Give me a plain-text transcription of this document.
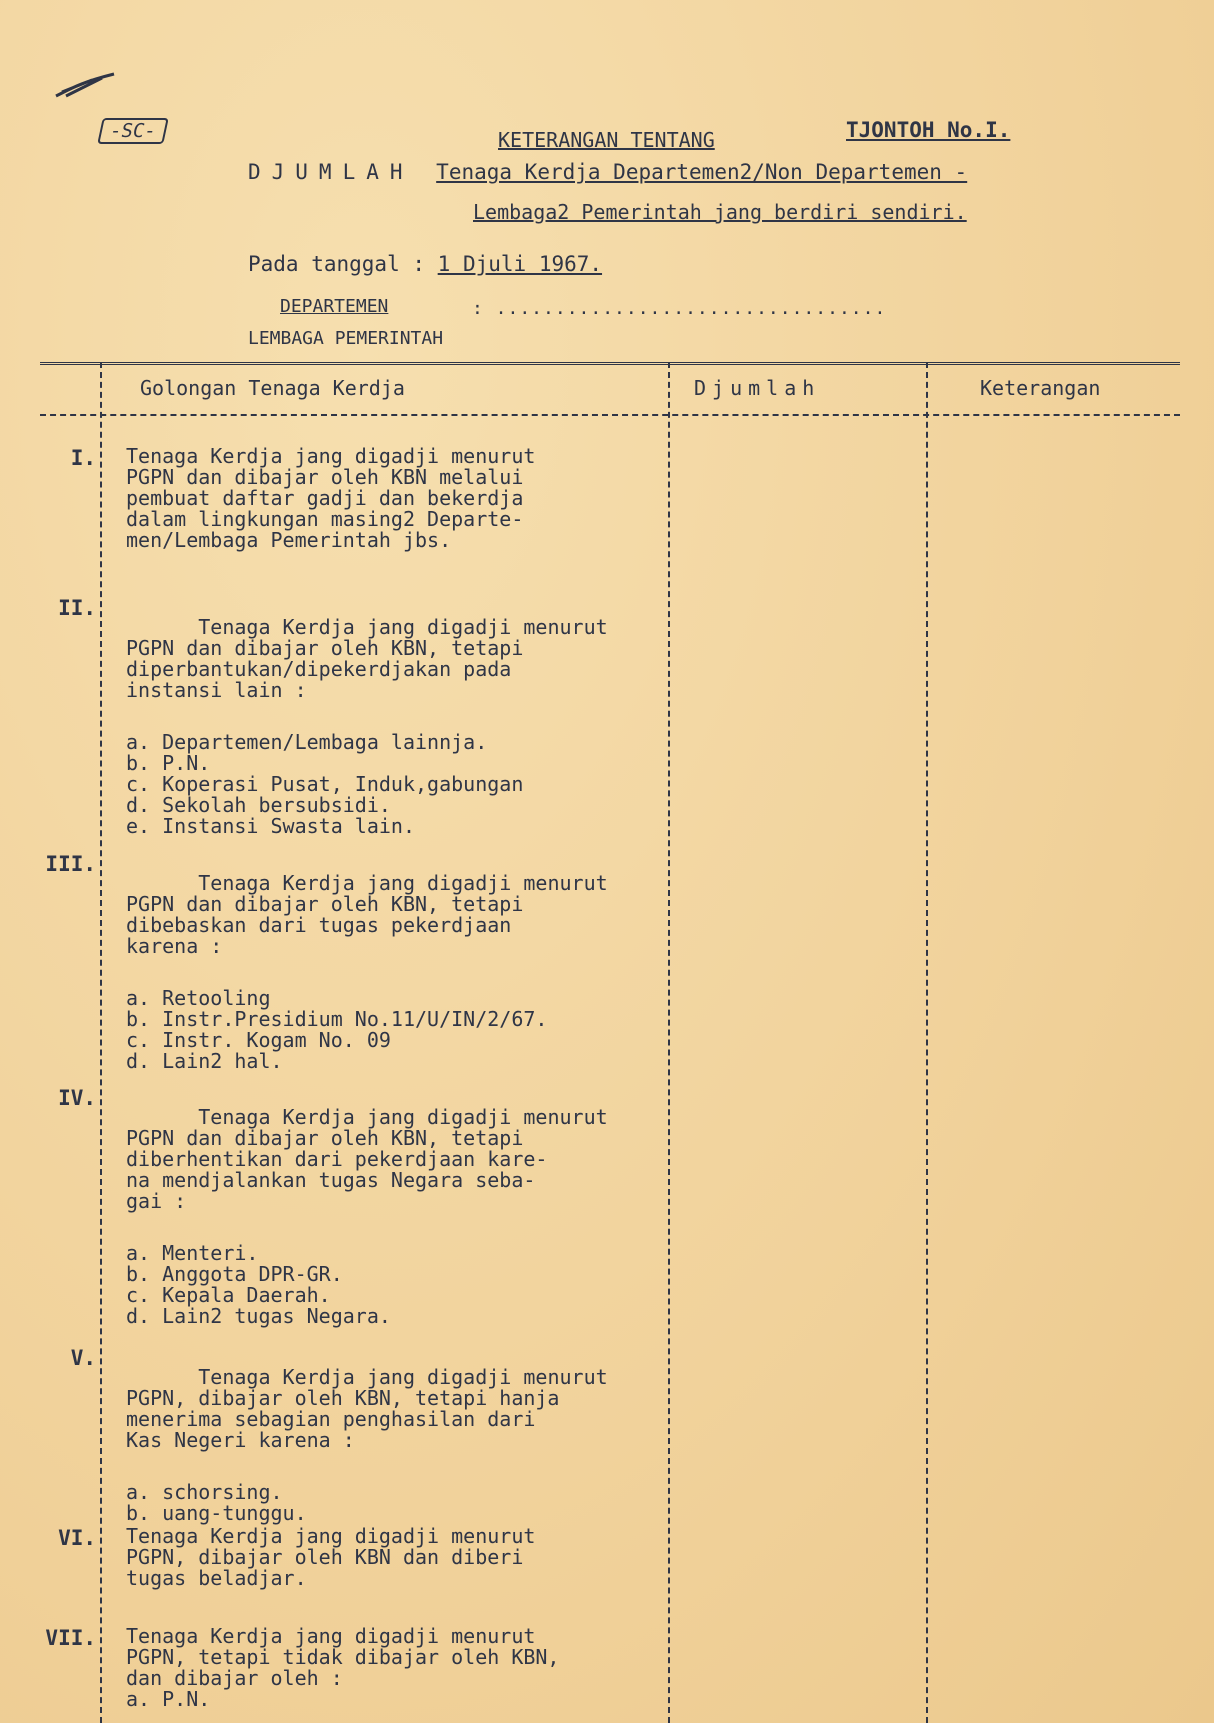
-SC-	KETERANGAN TENTANG	TJONTOH No.I.
DJUMLAH Tenaga Kerdja Departemen2/Non Departemen -
Lembaga2 Pemerintah jang berdiri sendiri.
Pada tanggal : 1 Djuli 1967.
DEPARTEMEN	: .................................
LEMBAGA PEMERINTAH
Golongan Tenaga Kerdja	Djumlah	Keterangan
I. Tenaga Kerdja jang digadji menurut
PGPN dan dibajar oleh KBN melalui
pembuat daftar gadji dan bekerdja
dalam lingkungan masing2 Departe-
men/Lembaga Pemerintah jbs.
II.

Tenaga Kerdja jang digadji menurut
PGPN dan dibajar oleh KBN, tetapi
diperbantukan/dipekerdjakan pada
instansi lain :

a. Departemen/Lembaga lainnja.
b. P.N.
c. Koperasi Pusat, Induk,gabungan
d. Sekolah bersubsidi.
e. Instansi Swasta lain.

III.

Tenaga Kerdja jang digadji menurut
PGPN dan dibajar oleh KBN, tetapi
dibebaskan dari tugas pekerdjaan
karena :

a. Retooling
b. Instr.Presidium No.11/U/IN/2/67.
c. Instr. Kogam No. 09
d. Lain2 hal.

IV.

Tenaga Kerdja jang digadji menurut
PGPN dan dibajar oleh KBN, tetapi
diberhentikan dari pekerdjaan kare-
na mendjalankan tugas Negara seba-
gai :

a. Menteri.
b. Anggota DPR-GR.
c. Kepala Daerah.
d. Lain2 tugas Negara.

V.

Tenaga Kerdja jang digadji menurut
PGPN, dibajar oleh KBN, tetapi hanja
menerima sebagian penghasilan dari
Kas Negeri karena :

a. schorsing.
b. uang-tunggu.

VI. Tenaga Kerdja jang digadji menurut
PGPN, dibajar oleh KBN dan diberi
tugas beladjar.
VII. Tenaga Kerdja jang digadji menurut
PGPN, tetapi tidak dibajar oleh KBN,
dan dibajar oleh :
a. P.N.
